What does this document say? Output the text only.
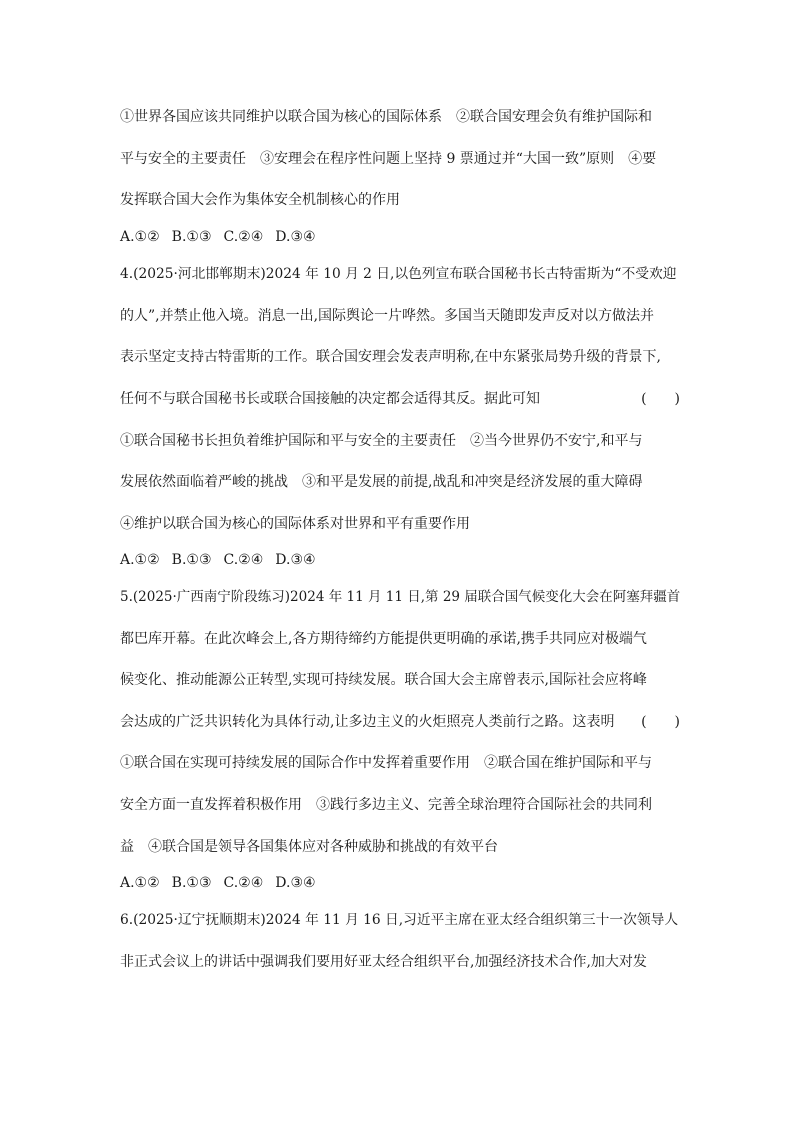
①世界各国应该共同维护以联合国为核心的国际体系　②联合国安理会负有维护国际和
平与安全的主要责任　③安理会在程序性问题上坚持 9 票通过并“大国一致”原则　④要
发挥联合国大会作为集体安全机制核心的作用
A.①② B.①③ C.②④ D.③④
4.(2025·河北邯郸期末)2024 年 10 月 2 日,以色列宣布联合国秘书长古特雷斯为“不受欢迎
的人”,并禁止他入境。消息一出,国际舆论一片哗然。多国当天随即发声反对以方做法并
表示坚定支持古特雷斯的工作。联合国安理会发表声明称,在中东紧张局势升级的背景下,
任何不与联合国秘书长或联合国接触的决定都会适得其反。据此可知	(　　)
①联合国秘书长担负着维护国际和平与安全的主要责任　②当今世界仍不安宁,和平与
发展依然面临着严峻的挑战　③和平是发展的前提,战乱和冲突是经济发展的重大障碍
④维护以联合国为核心的国际体系对世界和平有重要作用
A.①② B.①③ C.②④ D.③④
5.(2025·广西南宁阶段练习)2024 年 11 月 11 日,第 29 届联合国气候变化大会在阿塞拜疆首
都巴库开幕。在此次峰会上,各方期待缔约方能提供更明确的承诺,携手共同应对极端气
候变化、推动能源公正转型,实现可持续发展。联合国大会主席曾表示,国际社会应将峰
会达成的广泛共识转化为具体行动,让多边主义的火炬照亮人类前行之路。这表明 (　　)
①联合国在实现可持续发展的国际合作中发挥着重要作用　②联合国在维护国际和平与
安全方面一直发挥着积极作用　③践行多边主义、完善全球治理符合国际社会的共同利
益　④联合国是领导各国集体应对各种威胁和挑战的有效平台
A.①② B.①③ C.②④ D.③④
6.(2025·辽宁抚顺期末)2024 年 11 月 16 日,习近平主席在亚太经合组织第三十一次领导人
非正式会议上的讲话中强调我们要用好亚太经合组织平台,加强经济技术合作,加大对发
